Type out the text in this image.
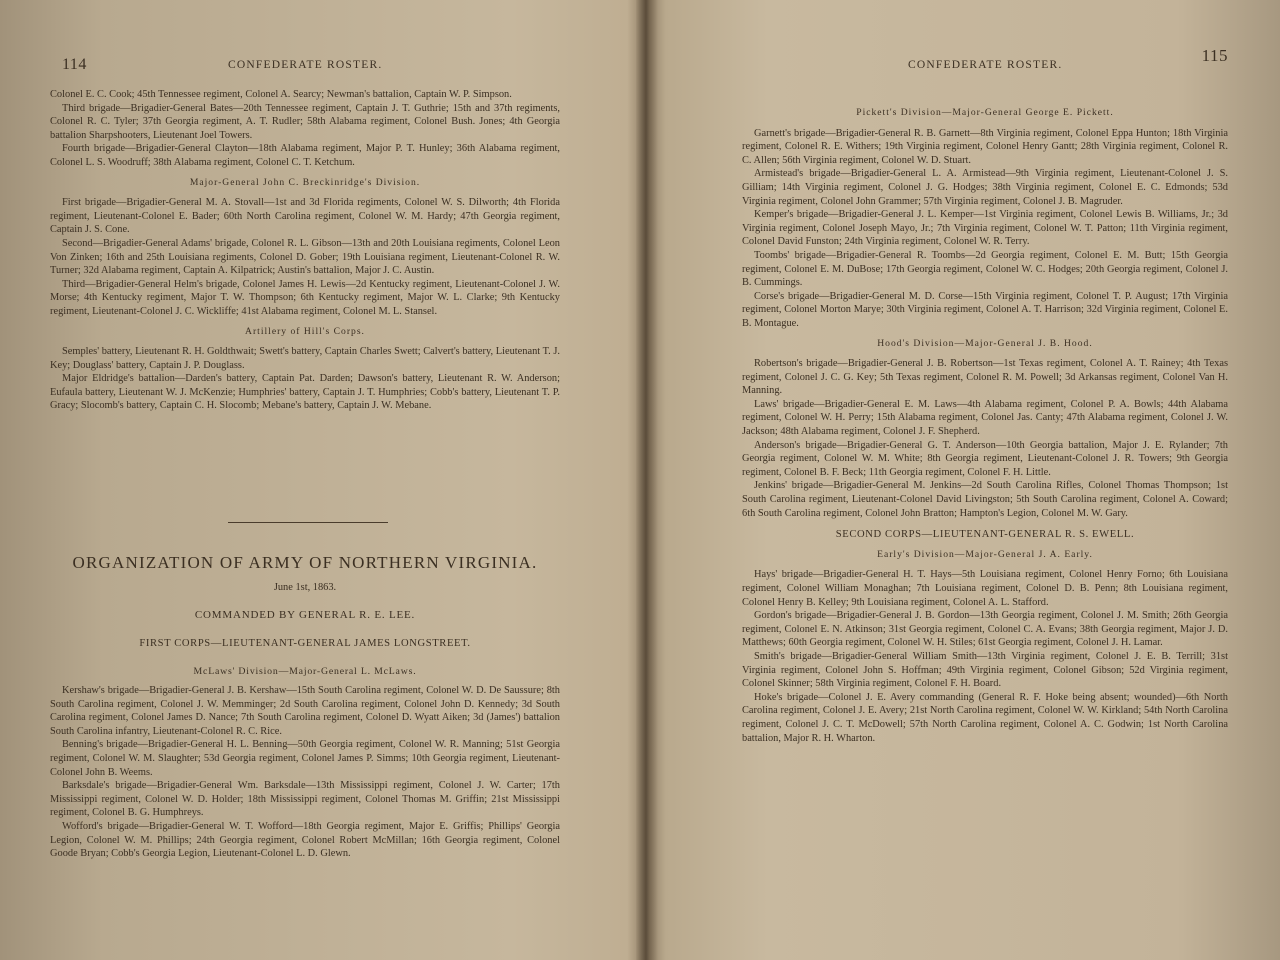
114	CONFEDERATE ROSTER.

Colonel E. C. Cook; 45th Tennessee regiment, Colonel A. Searcy; Newman's battalion, Captain W. P. Simpson.

Third brigade—Brigadier-General Bates—20th Tennessee regiment, Captain J. T. Guthrie; 15th and 37th regiments, Colonel R. C. Tyler; 37th Georgia regiment, A. T. Rudler; 58th Alabama regiment, Colonel Bush. Jones; 4th Georgia battalion Sharpshooters, Lieutenant Joel Towers.

Fourth brigade—Brigadier-General Clayton—18th Alabama regiment, Major P. T. Hunley; 36th Alabama regiment, Colonel L. S. Woodruff; 38th Alabama regiment, Colonel C. T. Ketchum.

Major-General John C. Breckinridge's Division.

First brigade—Brigadier-General M. A. Stovall—1st and 3d Florida regiments, Colonel W. S. Dilworth; 4th Florida regiment, Lieutenant-Colonel E. Bader; 60th North Carolina regiment, Colonel W. M. Hardy; 47th Georgia regiment, Captain J. S. Cone.

Second—Brigadier-General Adams' brigade, Colonel R. L. Gibson—13th and 20th Louisiana regiments, Colonel Leon Von Zinken; 16th and 25th Louisiana regiments, Colonel D. Gober; 19th Louisiana regiment, Lieutenant-Colonel R. W. Turner; 32d Alabama regiment, Captain A. Kilpatrick; Austin's battalion, Major J. C. Austin.

Third—Brigadier-General Helm's brigade, Colonel James H. Lewis—2d Kentucky regiment, Lieutenant-Colonel J. W. Morse; 4th Kentucky regiment, Major T. W. Thompson; 6th Kentucky regiment, Major W. L. Clarke; 9th Kentucky regiment, Lieutenant-Colonel J. C. Wickliffe; 41st Alabama regiment, Colonel M. L. Stansel.

Artillery of Hill's Corps.

Semples' battery, Lieutenant R. H. Goldthwait; Swett's battery, Captain Charles Swett; Calvert's battery, Lieutenant T. J. Key; Douglass' battery, Captain J. P. Douglass.

Major Eldridge's battalion—Darden's battery, Captain Pat. Darden; Dawson's battery, Lieutenant R. W. Anderson; Eufaula battery, Lieutenant W. J. McKenzie; Humphries' battery, Captain J. T. Humphries; Cobb's battery, Lieutenant T. P. Gracy; Slocomb's battery, Captain C. H. Slocomb; Mebane's battery, Captain J. W. Mebane.

ORGANIZATION OF ARMY OF NORTHERN VIRGINIA.
June 1st, 1863.
COMMANDED BY GENERAL R. E. LEE.
FIRST CORPS—LIEUTENANT-GENERAL JAMES LONGSTREET.
McLaws' Division—Major-General L. McLaws.

Kershaw's brigade—Brigadier-General J. B. Kershaw—15th South Carolina regiment, Colonel W. D. De Saussure; 8th South Carolina regiment, Colonel J. W. Memminger; 2d South Carolina regiment, Colonel John D. Kennedy; 3d South Carolina regiment, Colonel James D. Nance; 7th South Carolina regiment, Colonel D. Wyatt Aiken; 3d (James') battalion South Carolina infantry, Lieutenant-Colonel R. C. Rice.

Benning's brigade—Brigadier-General H. L. Benning—50th Georgia regiment, Colonel W. R. Manning; 51st Georgia regiment, Colonel W. M. Slaughter; 53d Georgia regiment, Colonel James P. Simms; 10th Georgia regiment, Lieutenant-Colonel John B. Weems.

Barksdale's brigade—Brigadier-General Wm. Barksdale—13th Mississippi regiment, Colonel J. W. Carter; 17th Mississippi regiment, Colonel W. D. Holder; 18th Mississippi regiment, Colonel Thomas M. Griffin; 21st Mississippi regiment, Colonel B. G. Humphreys.

Wofford's brigade—Brigadier-General W. T. Wofford—18th Georgia regiment, Major E. Griffis; Phillips' Georgia Legion, Colonel W. M. Phillips; 24th Georgia regiment, Colonel Robert McMillan; 16th Georgia regiment, Colonel Goode Bryan; Cobb's Georgia Legion, Lieutenant-Colonel L. D. Glewn.

CONFEDERATE ROSTER.	115
Pickett's Division—Major-General George E. Pickett.

Garnett's brigade—Brigadier-General R. B. Garnett—8th Virginia regiment, Colonel Eppa Hunton; 18th Virginia regiment, Colonel R. E. Withers; 19th Virginia regiment, Colonel Henry Gantt; 28th Virginia regiment, Colonel R. C. Allen; 56th Virginia regiment, Colonel W. D. Stuart.

Armistead's brigade—Brigadier-General L. A. Armistead—9th Virginia regiment, Lieutenant-Colonel J. S. Gilliam; 14th Virginia regiment, Colonel J. G. Hodges; 38th Virginia regiment, Colonel E. C. Edmonds; 53d Virginia regiment, Colonel John Grammer; 57th Virginia regiment, Colonel J. B. Magruder.

Kemper's brigade—Brigadier-General J. L. Kemper—1st Virginia regiment, Colonel Lewis B. Williams, Jr.; 3d Virginia regiment, Colonel Joseph Mayo, Jr.; 7th Virginia regiment, Colonel W. T. Patton; 11th Virginia regiment, Colonel David Funston; 24th Virginia regiment, Colonel W. R. Terry.

Toombs' brigade—Brigadier-General R. Toombs—2d Georgia regiment, Colonel E. M. Butt; 15th Georgia regiment, Colonel E. M. DuBose; 17th Georgia regiment, Colonel W. C. Hodges; 20th Georgia regiment, Colonel J. B. Cummings.

Corse's brigade—Brigadier-General M. D. Corse—15th Virginia regiment, Colonel T. P. August; 17th Virginia regiment, Colonel Morton Marye; 30th Virginia regiment, Colonel A. T. Harrison; 32d Virginia regiment, Colonel E. B. Montague.

Hood's Division—Major-General J. B. Hood.

Robertson's brigade—Brigadier-General J. B. Robertson—1st Texas regiment, Colonel A. T. Rainey; 4th Texas regiment, Colonel J. C. G. Key; 5th Texas regiment, Colonel R. M. Powell; 3d Arkansas regiment, Colonel Van H. Manning.

Laws' brigade—Brigadier-General E. M. Laws—4th Alabama regiment, Colonel P. A. Bowls; 44th Alabama regiment, Colonel W. H. Perry; 15th Alabama regiment, Colonel Jas. Canty; 47th Alabama regiment, Colonel J. W. Jackson; 48th Alabama regiment, Colonel J. F. Shepherd.

Anderson's brigade—Brigadier-General G. T. Anderson—10th Georgia battalion, Major J. E. Rylander; 7th Georgia regiment, Colonel W. M. White; 8th Georgia regiment, Lieutenant-Colonel J. R. Towers; 9th Georgia regiment, Colonel B. F. Beck; 11th Georgia regiment, Colonel F. H. Little.

Jenkins' brigade—Brigadier-General M. Jenkins—2d South Carolina Rifles, Colonel Thomas Thompson; 1st South Carolina regiment, Lieutenant-Colonel David Livingston; 5th South Carolina regiment, Colonel A. Coward; 6th South Carolina regiment, Colonel John Bratton; Hampton's Legion, Colonel M. W. Gary.

SECOND CORPS—LIEUTENANT-GENERAL R. S. EWELL.
Early's Division—Major-General J. A. Early.

Hays' brigade—Brigadier-General H. T. Hays—5th Louisiana regiment, Colonel Henry Forno; 6th Louisiana regiment, Colonel William Monaghan; 7th Louisiana regiment, Colonel D. B. Penn; 8th Louisiana regiment, Colonel Henry B. Kelley; 9th Louisiana regiment, Colonel A. L. Stafford.

Gordon's brigade—Brigadier-General J. B. Gordon—13th Georgia regiment, Colonel J. M. Smith; 26th Georgia regiment, Colonel E. N. Atkinson; 31st Georgia regiment, Colonel C. A. Evans; 38th Georgia regiment, Major J. D. Matthews; 60th Georgia regiment, Colonel W. H. Stiles; 61st Georgia regiment, Colonel J. H. Lamar.

Smith's brigade—Brigadier-General William Smith—13th Virginia regiment, Colonel J. E. B. Terrill; 31st Virginia regiment, Colonel John S. Hoffman; 49th Virginia regiment, Colonel Gibson; 52d Virginia regiment, Colonel Skinner; 58th Virginia regiment, Colonel F. H. Board.

Hoke's brigade—Colonel J. E. Avery commanding (General R. F. Hoke being absent; wounded)—6th North Carolina regiment, Colonel J. E. Avery; 21st North Carolina regiment, Colonel W. W. Kirkland; 54th North Carolina regiment, Colonel J. C. T. McDowell; 57th North Carolina regiment, Colonel A. C. Godwin; 1st North Carolina battalion, Major R. H. Wharton.
